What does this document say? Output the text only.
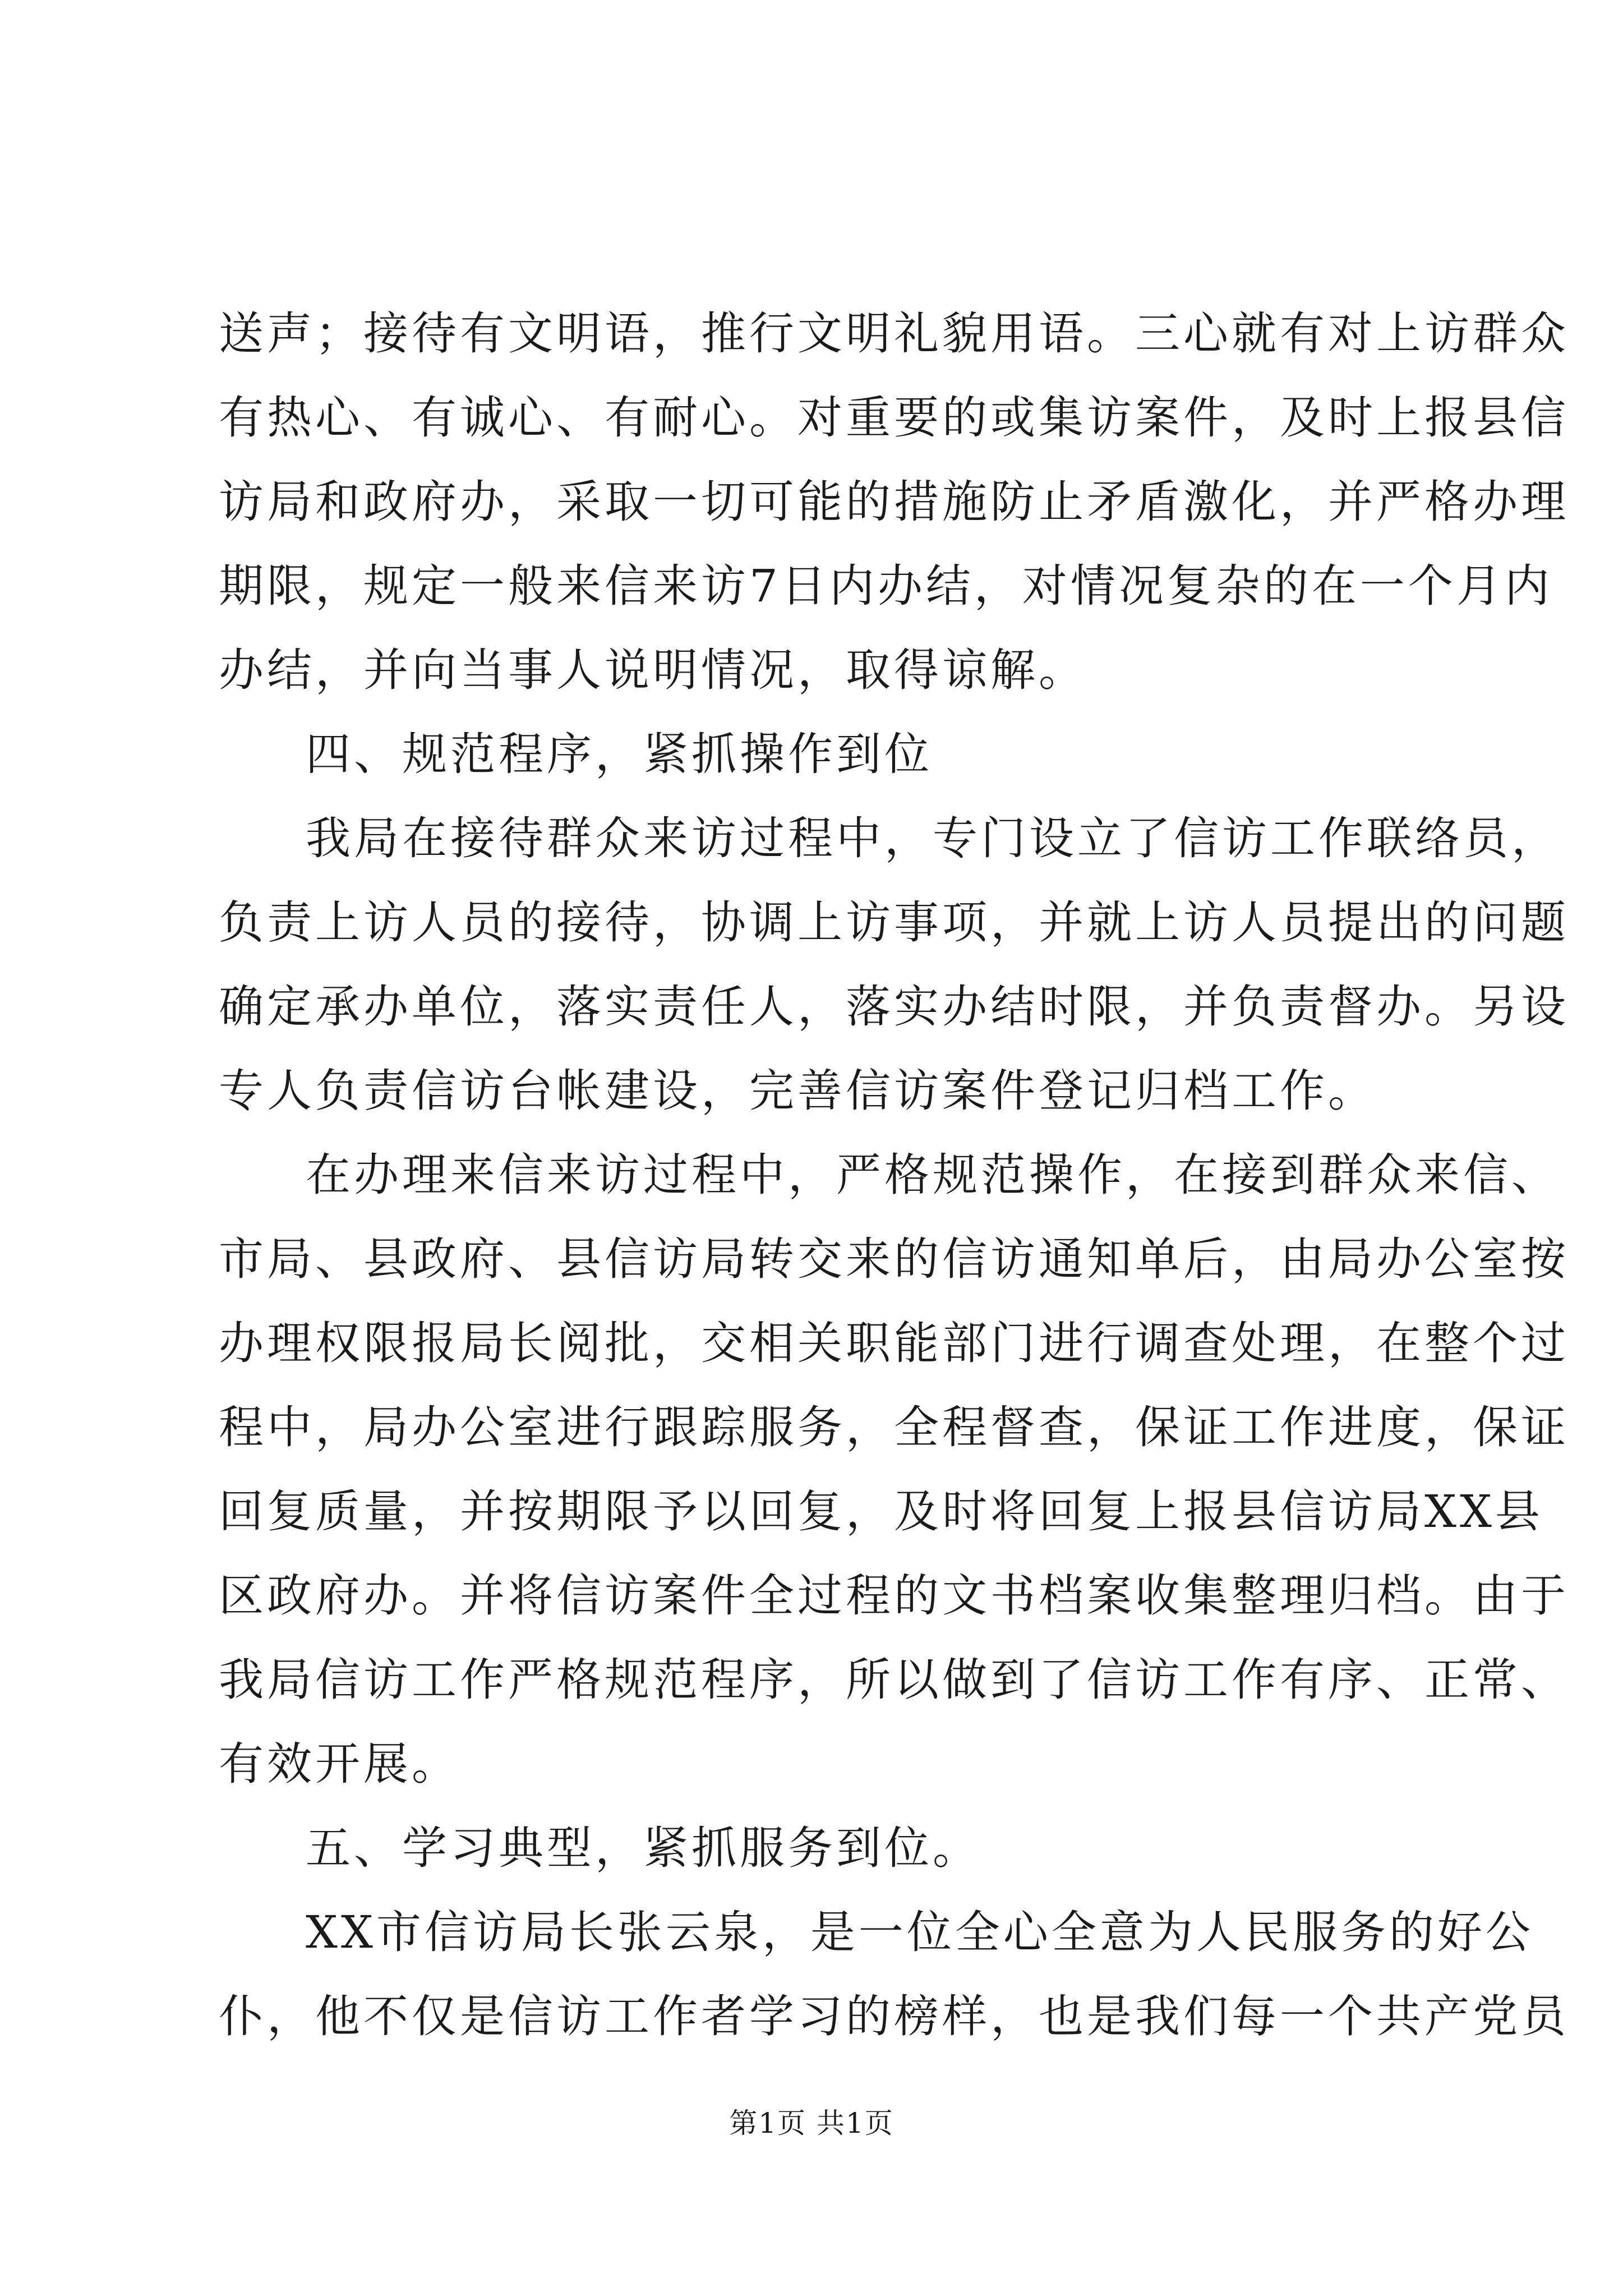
送声；接待有文明语，推行文明礼貌用语。三心就有对上访群众
有热心、有诚心、有耐心。对重要的或集访案件，及时上报县信
访局和政府办，采取一切可能的措施防止矛盾激化，并严格办理
期限，规定一般来信来访7日内办结，对情况复杂的在一个月内
办结，并向当事人说明情况，取得谅解。
四、规范程序，紧抓操作到位
我局在接待群众来访过程中，专门设立了信访工作联络员，
负责上访人员的接待，协调上访事项，并就上访人员提出的问题
确定承办单位，落实责任人，落实办结时限，并负责督办。另设
专人负责信访台帐建设，完善信访案件登记归档工作。
在办理来信来访过程中，严格规范操作，在接到群众来信、
市局、县政府、县信访局转交来的信访通知单后，由局办公室按
办理权限报局长阅批，交相关职能部门进行调查处理，在整个过
程中，局办公室进行跟踪服务，全程督查，保证工作进度，保证
回复质量，并按期限予以回复，及时将回复上报县信访局XX县
区政府办。并将信访案件全过程的文书档案收集整理归档。由于
我局信访工作严格规范程序，所以做到了信访工作有序、正常、
有效开展。
五、学习典型，紧抓服务到位。
XX市信访局长张云泉，是一位全心全意为人民服务的好公
仆，他不仅是信访工作者学习的榜样，也是我们每一个共产党员
第1页 共1页
